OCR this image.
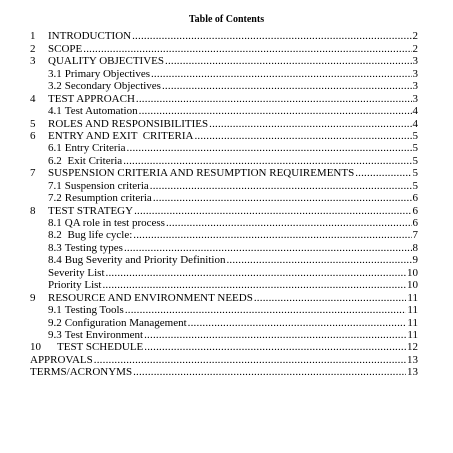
Table of Contents
1	INTRODUCTION .....	2
2	SCOPE .....	2
3	QUALITY OBJECTIVES .....	3
3.1 Primary Objectives .....	3
3.2 Secondary Objectives .....	3
4	TEST APPROACH .....	3
4.1 Test Automation .....	4
5	ROLES AND RESPONSIBILITIES .....	4
6	ENTRY AND EXIT  CRITERIA .....	5
6.1 Entry Criteria .....	5
6.2 Exit Criteria .....	5
7	SUSPENSION CRITERIA AND RESUMPTION REQUIREMENTS .....	5
7.1 Suspension criteria .....	5
7.2 Resumption criteria .....	6
8	TEST STRATEGY .....	6
8.1 QA role in test process .....	6
8.2 Bug life cycle: .....	7
8.3 Testing types .....	8
8.4 Bug Severity and Priority Definition .....	9
Severity List .....	10
Priority List .....	10
9	RESOURCE AND ENVIRONMENT NEEDS .....	11
9.1 Testing Tools .....	11
9.2 Configuration Management .....	11
9.3 Test Environment .....	11
10	TEST SCHEDULE .....	12
APPROVALS .....	13
TERMS/ACRONYMS .....	13
